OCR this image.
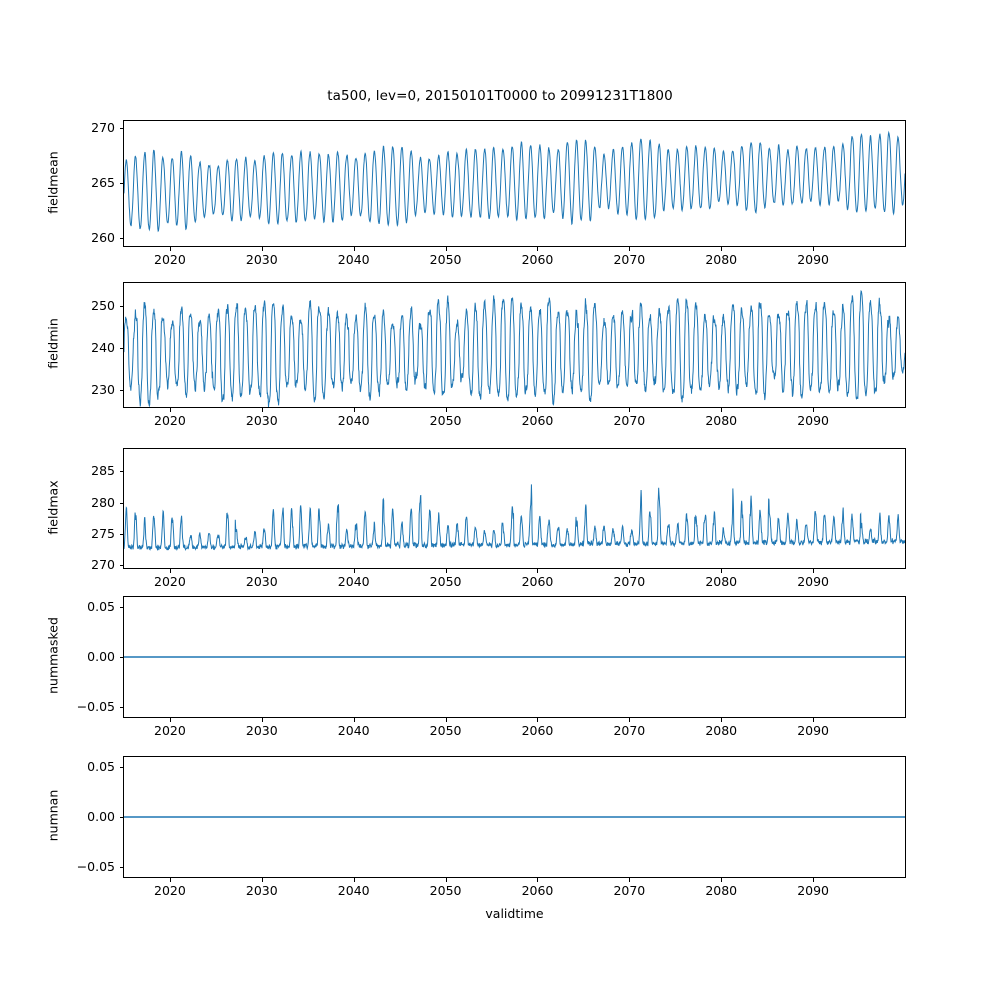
ta500, lev=0, 20150101T0000 to 20991231T1800
260
265
270
2020	2030	2040	2050	2060	2070	2080	2090
fieldmean
230
240
250
2020	2030	2040	2050	2060	2070	2080	2090
fieldmin
270
275
280
285
2020	2030	2040	2050	2060	2070	2080	2090
fieldmax
−0.05
0.00
0.05
2020	2030	2040	2050	2060	2070	2080	2090
nummasked
−0.05
0.00
0.05
2020	2030	2040	2050	2060	2070	2080	2090
numnan
validtime
